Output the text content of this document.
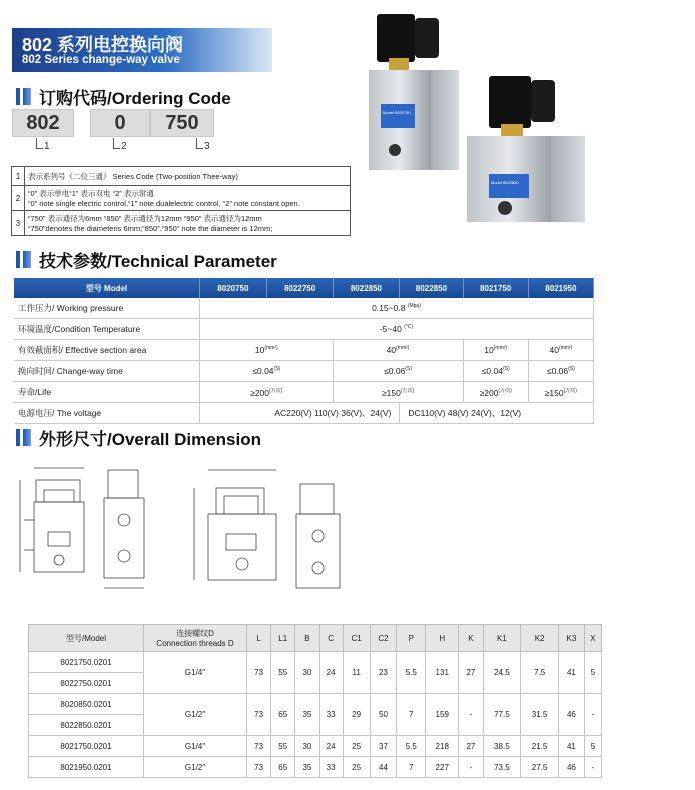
802 系列电控换向阀
802 Series change-way valve
订购代码/Ordering Code
802	0	750
1	2	3
1	表示系列号（二位三通） Series Code (Two-position Thee-way)
2	“0” 表示单电“1” 表示双电 “2” 表示常通
“0” note single electric control,“1” note dualelectric control, “2” note constant open.

3	“750” 表示通径为6mm “850” 表示通径为12mm “950” 表示通径为12mm
“750”denotes the diameteris 6mm;“850”.“950” note the diameter is 12mm;
Model 8020750
Model 8022850
技术参数/Technical Parameter
型号 Model	8020750	8022750	8022850	8022850	8021750	8021950
工作压力/ Working pressure	0.15~0.8 $^{(Mpa)}$
环境温度/Condition Temperature	-5~40 (℃)
有效截面积/ Effective section area	$10^{(mm^2)}$		$40^{(mm^2)}$		$10^{(mm^2)}$	$40^{(mm^2)}$
换向时间/ Change-way time	$\le 0.04^{(S)}$		$\le 0.06^{(S)}$		$\le 0.04^{(S)}$	$\le 0.06^{(S)}$
寿命/Life	$\ge 200^{(万次)}$		$\ge 150^{(万次)}$		$\ge 200^{(万次)}$	$\ge 150^{(万次)}$
电源电压/ The voltage	AC220(V) 110(V) 36(V)、24(V)			DC110(V) 48(V) 24(V)、12(V)		
外形尺寸/Overall Dimension
型号/Model	连接螺纹D
Connection threads D	L	L1	B	C	C1	C2	P	H	K	K1	K2	K3	X
8021750.0201	G1/4″	73	55	30	24	11	23	5.5	131	27	24.5	7.5	41	5
8022750.0201														
8020850.0201	G1/2″	73	65	35	33	29	50	7	159	-	77.5	31.5	46	-
8022850.0201														
8021750.0201	G1/4″	73	55	30	24	25	37	5.5	218	27	38.5	21.5	41	5
8021950.0201	G1/2″	73	65	35	33	25	44	7	227	-	73.5	27.5	46	-
